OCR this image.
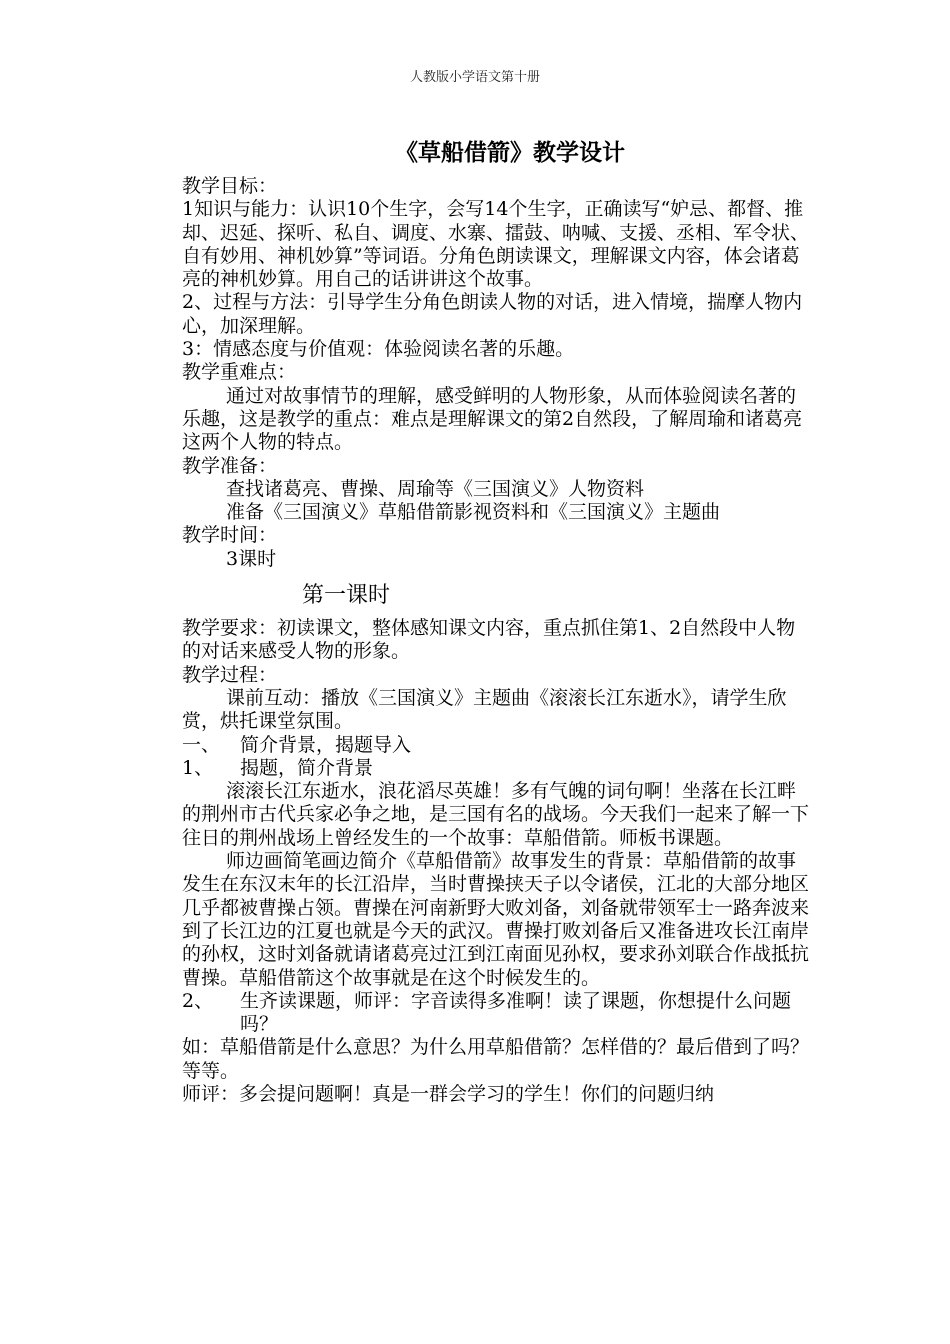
人教版小学语文第十册
《草船借箭》教学设计

教学目标：

1知识与能力：认识10个生字，会写14个生字，正确读写“妒忌、都督、推却、迟延、探听、私自、调度、水寨、擂鼓、呐喊、支援、丞相、军令状、自有妙用、神机妙算”等词语。分角色朗读课文，理解课文内容，体会诸葛亮的神机妙算。用自己的话讲讲这个故事。

2、过程与方法：引导学生分角色朗读人物的对话，进入情境，揣摩人物内心，加深理解。

3：情感态度与价值观：体验阅读名著的乐趣。

教学重难点：

通过对故事情节的理解，感受鲜明的人物形象，从而体验阅读名著的乐趣，这是教学的重点：难点是理解课文的第2自然段，了解周瑜和诸葛亮这两个人物的特点。

教学准备：

查找诸葛亮、曹操、周瑜等《三国演义》人物资料

准备《三国演义》草船借箭影视资料和《三国演义》主题曲

教学时间：

3课时

第一课时

教学要求：初读课文，整体感知课文内容，重点抓住第1、2自然段中人物的对话来感受人物的形象。

教学过程：

课前互动：播放《三国演义》主题曲《滚滚长江东逝水》，请学生欣赏，烘托课堂氛围。

一、	简介背景，揭题导入
1、	揭题，简介背景

滚滚长江东逝水，浪花滔尽英雄！多有气魄的词句啊！坐落在长江畔的荆州市古代兵家必争之地，是三国有名的战场。今天我们一起来了解一下往日的荆州战场上曾经发生的一个故事：草船借箭。师板书课题。

师边画简笔画边简介《草船借箭》故事发生的背景：草船借箭的故事发生在东汉末年的长江沿岸，当时曹操挟天子以令诸侯，江北的大部分地区几乎都被曹操占领。曹操在河南新野大败刘备，刘备就带领军士一路奔波来到了长江边的江夏也就是今天的武汉。曹操打败刘备后又准备进攻长江南岸的孙权，这时刘备就请诸葛亮过江到江南面见孙权，要求孙刘联合作战抵抗曹操。草船借箭这个故事就是在这个时候发生的。

2、	生齐读课题，师评：字音读得多准啊！读了课题，你想提什么问题吗？

如：草船借箭是什么意思？为什么用草船借箭？怎样借的？最后借到了吗？等等。

师评：多会提问题啊！真是一群会学习的学生！你们的问题归纳
